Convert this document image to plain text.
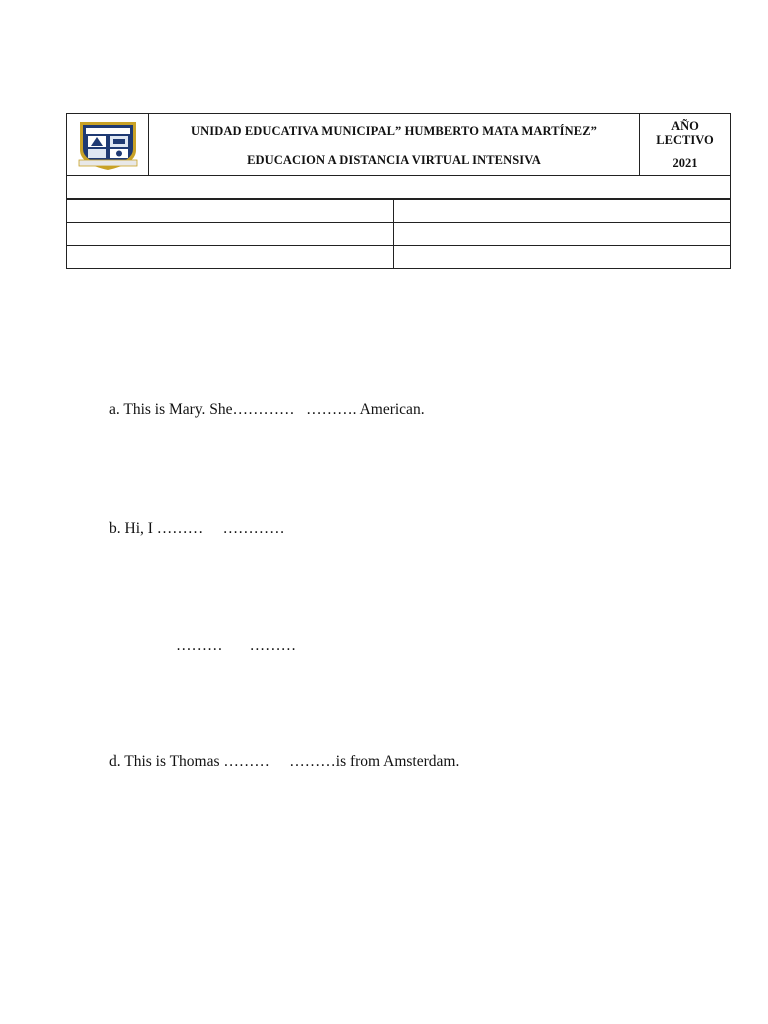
UNIDAD EDUCATIVA MUNICIPAL” HUMBERTO MATA MARTÍNEZ”
EDUCACION A DISTANCIA VIRTUAL INTENSIVA

AÑO
LECTIVO
2021

a. This is Mary. She…………   ………. American.
b. Hi, I ………     …………
………       ………
d. This is Thomas ………     ………is from Amsterdam.
